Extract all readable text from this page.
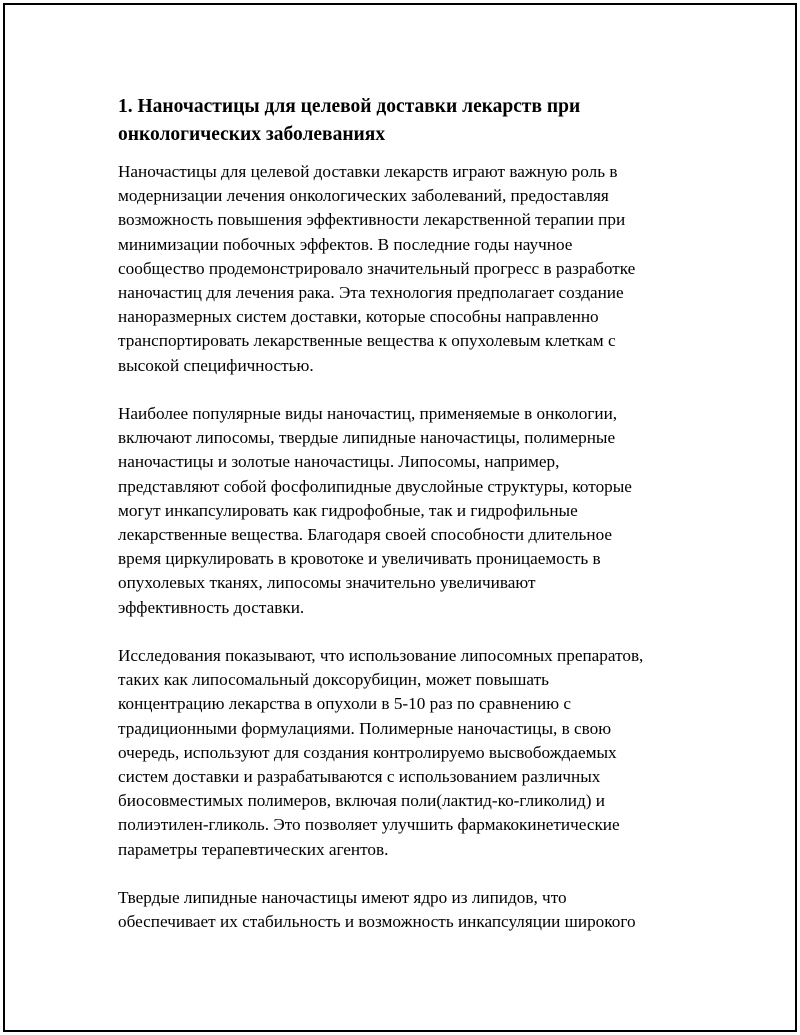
1. Наночастицы для целевой доставки лекарств при
онкологических заболеваниях

Наночастицы для целевой доставки лекарств играют важную роль в
модернизации лечения онкологических заболеваний, предоставляя
возможность повышения эффективности лекарственной терапии при
минимизации побочных эффектов. В последние годы научное
сообщество продемонстрировало значительный прогресс в разработке
наночастиц для лечения рака. Эта технология предполагает создание
наноразмерных систем доставки, которые способны направленно
транспортировать лекарственные вещества к опухолевым клеткам с
высокой специфичностью.

Наиболее популярные виды наночастиц, применяемые в онкологии,
включают липосомы, твердые липидные наночастицы, полимерные
наночастицы и золотые наночастицы. Липосомы, например,
представляют собой фосфолипидные двуслойные структуры, которые
могут инкапсулировать как гидрофобные, так и гидрофильные
лекарственные вещества. Благодаря своей способности длительное
время циркулировать в кровотоке и увеличивать проницаемость в
опухолевых тканях, липосомы значительно увеличивают
эффективность доставки.

Исследования показывают, что использование липосомных препаратов,
таких как липосомальный доксорубицин, может повышать
концентрацию лекарства в опухоли в 5-10 раз по сравнению с
традиционными формулациями. Полимерные наночастицы, в свою
очередь, используют для создания контролируемо высвобождаемых
систем доставки и разрабатываются с использованием различных
биосовместимых полимеров, включая поли(лактид-ко-гликолид) и
полиэтилен-гликоль. Это позволяет улучшить фармакокинетические
параметры терапевтических агентов.

Твердые липидные наночастицы имеют ядро из липидов, что
обеспечивает их стабильность и возможность инкапсуляции широкого
